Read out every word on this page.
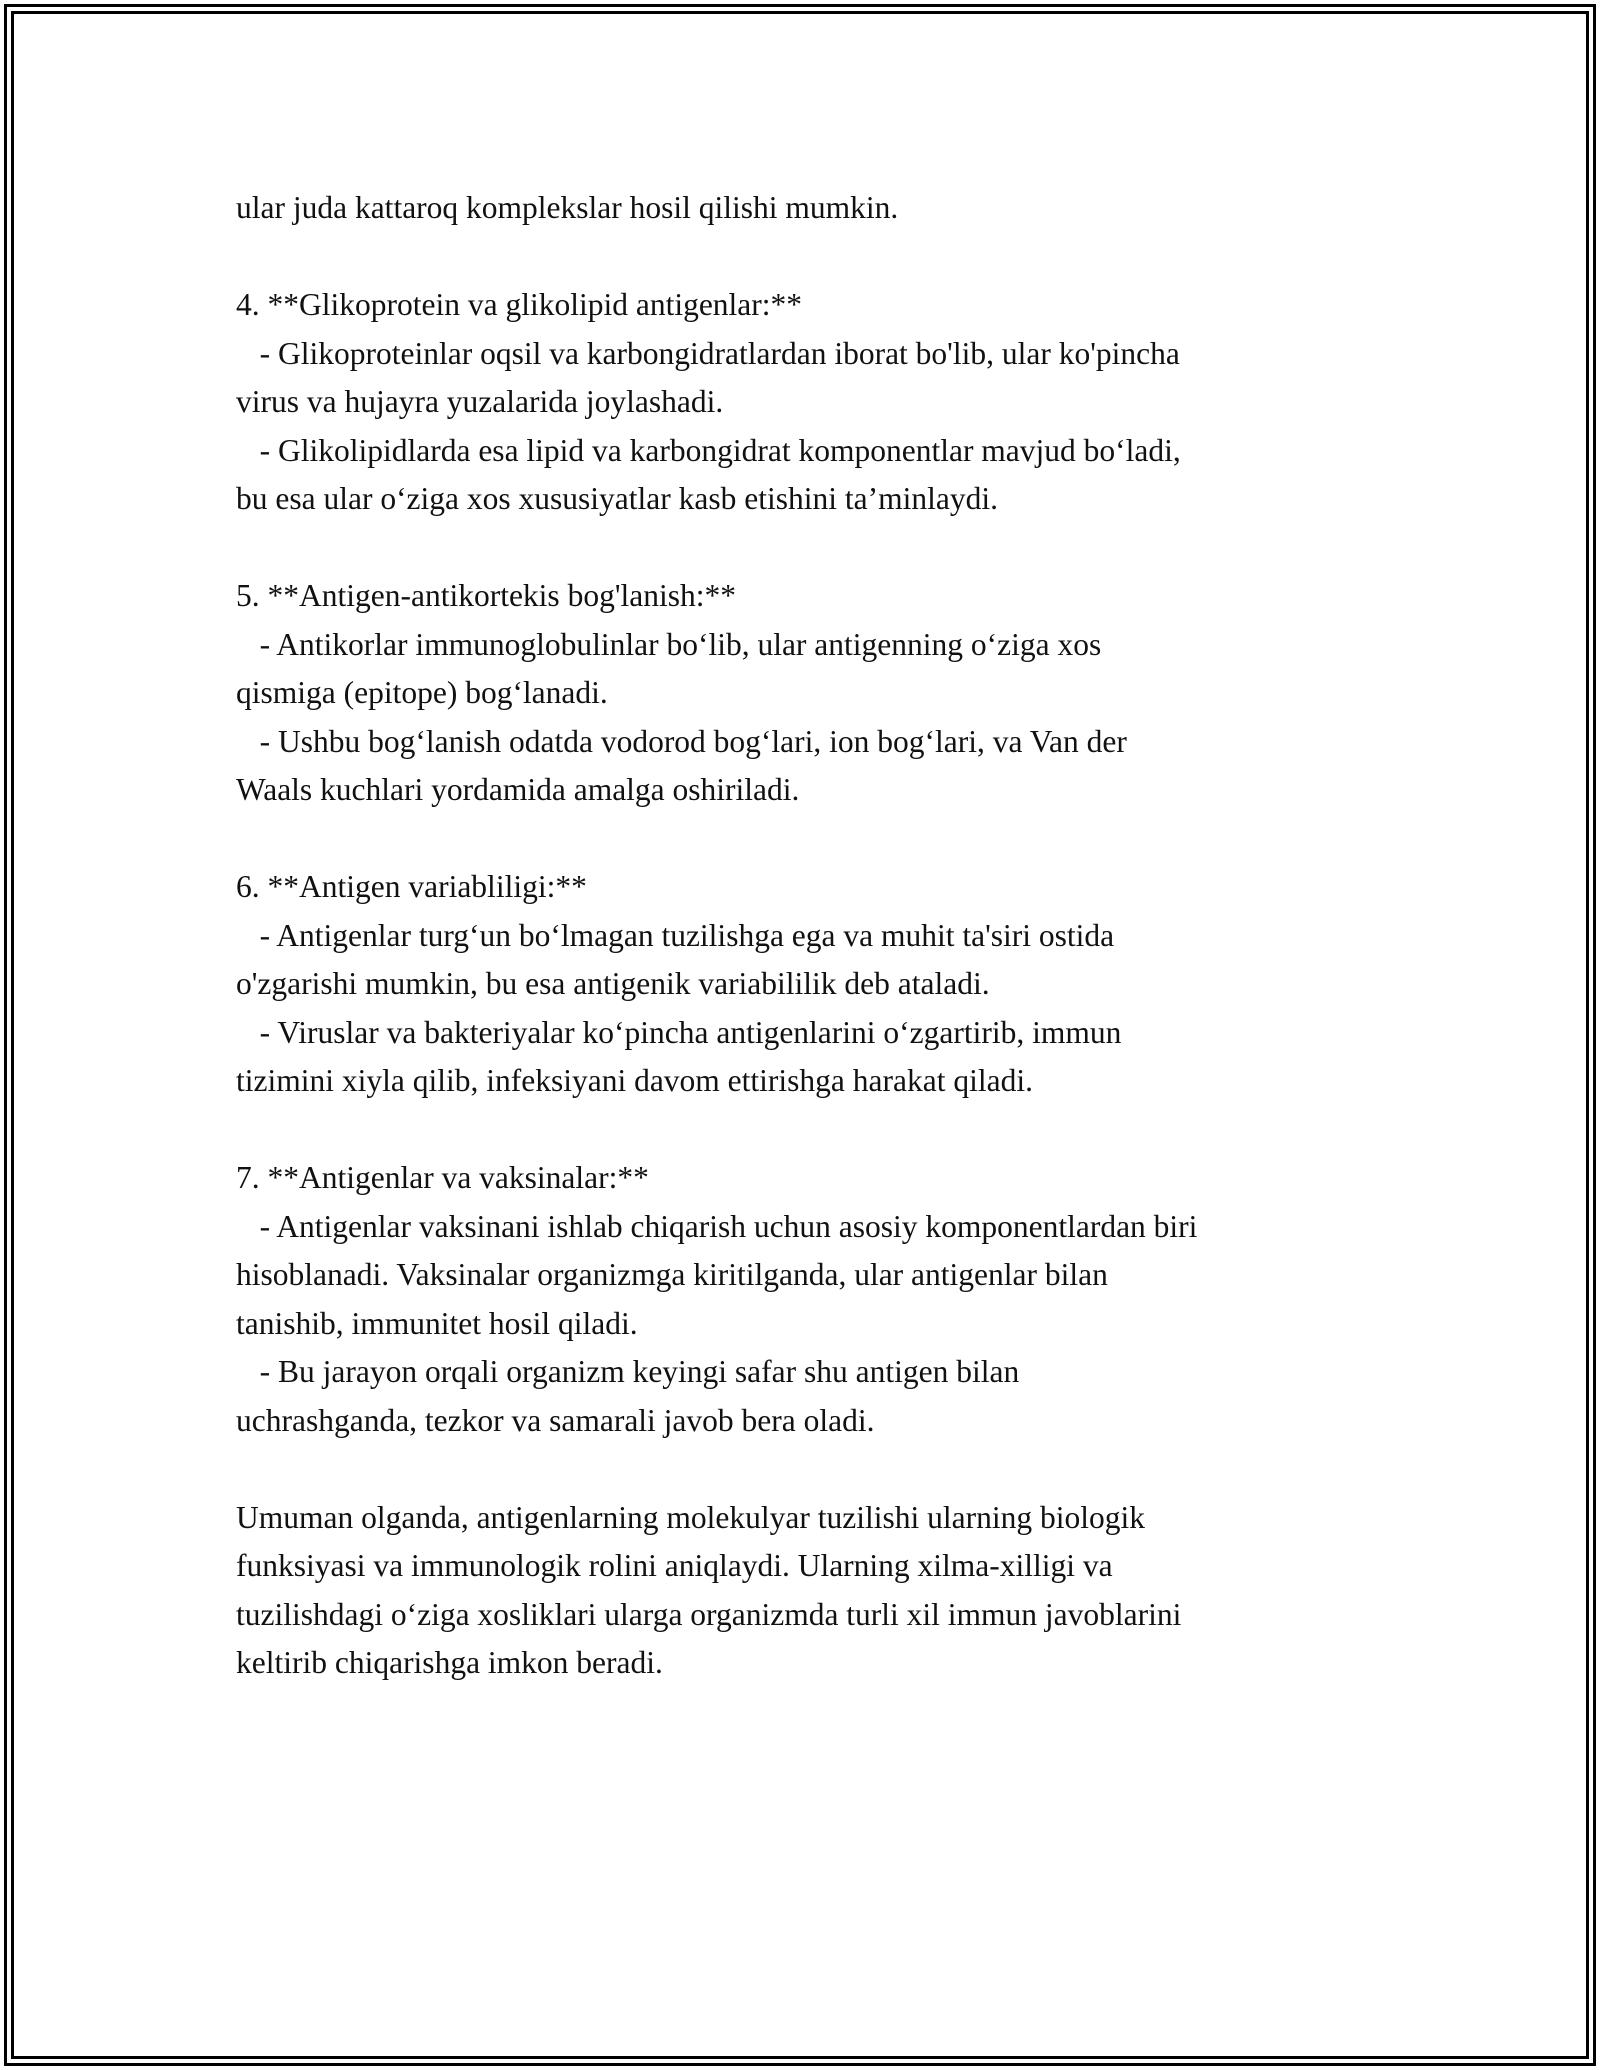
ular juda kattaroq komplekslar hosil qilishi mumkin.

4. **Glikoprotein va glikolipid antigenlar:**

- Glikoproteinlar oqsil va karbongidratlardan iborat bo'lib, ular ko'pincha

virus va hujayra yuzalarida joylashadi.

- Glikolipidlarda esa lipid va karbongidrat komponentlar mavjud bo‘ladi,

bu esa ular o‘ziga xos xususiyatlar kasb etishini ta’minlaydi.

5. **Antigen-antikortekis bog'lanish:**

- Antikorlar immunoglobulinlar bo‘lib, ular antigenning o‘ziga xos

qismiga (epitope) bog‘lanadi.

- Ushbu bog‘lanish odatda vodorod bog‘lari, ion bog‘lari, va Van der

Waals kuchlari yordamida amalga oshiriladi.

6. **Antigen variabliligi:**

- Antigenlar turg‘un bo‘lmagan tuzilishga ega va muhit ta'siri ostida

o'zgarishi mumkin, bu esa antigenik variabililik deb ataladi.

- Viruslar va bakteriyalar ko‘pincha antigenlarini o‘zgartirib, immun

tizimini xiyla qilib, infeksiyani davom ettirishga harakat qiladi.

7. **Antigenlar va vaksinalar:**

- Antigenlar vaksinani ishlab chiqarish uchun asosiy komponentlardan biri

hisoblanadi. Vaksinalar organizmga kiritilganda, ular antigenlar bilan

tanishib, immunitet hosil qiladi.

- Bu jarayon orqali organizm keyingi safar shu antigen bilan

uchrashganda, tezkor va samarali javob bera oladi.

Umuman olganda, antigenlarning molekulyar tuzilishi ularning biologik

funksiyasi va immunologik rolini aniqlaydi. Ularning xilma-xilligi va

tuzilishdagi o‘ziga xosliklari ularga organizmda turli xil immun javoblarini

keltirib chiqarishga imkon beradi.
